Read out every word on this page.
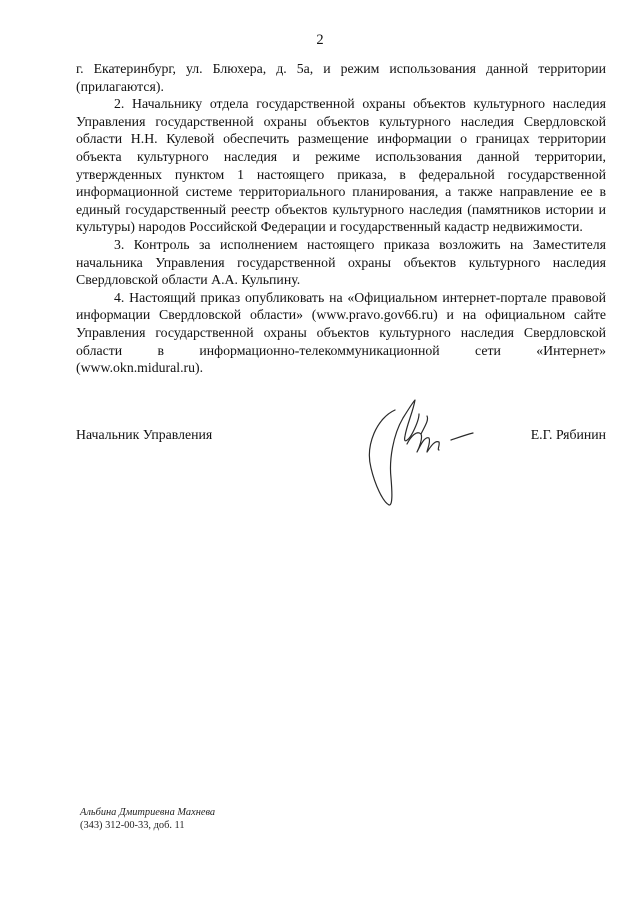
2

г. Екатеринбург, ул. Блюхера, д. 5а, и режим использования данной территории (прилагаются).

2. Начальнику отдела государственной охраны объектов культурного наследия Управления государственной охраны объектов культурного наследия Свердловской области Н.Н. Кулевой обеспечить размещение информации о границах территории объекта культурного наследия и режиме использования данной территории, утвержденных пунктом 1 настоящего приказа, в федеральной государственной информационной системе территориального планирования, а также направление ее в единый государственный реестр объектов культурного наследия (памятников истории и культуры) народов Российской Федерации и государственный кадастр недвижимости.

3. Контроль за исполнением настоящего приказа возложить на Заместителя начальника Управления государственной охраны объектов культурного наследия Свердловской области А.А. Кульпину.

4. Настоящий приказ опубликовать на «Официальном интернет-портале правовой информации Свердловской области» (www.pravo.gov66.ru) и на официальном сайте Управления государственной охраны объектов культурного наследия Свердловской области в информационно-телекоммуникационной сети «Интернет» (www.okn.midural.ru).

Начальник Управления	Е.Г. Рябинин
Альбина Дмитриевна Махнева
(343) 312-00-33, доб. 11
